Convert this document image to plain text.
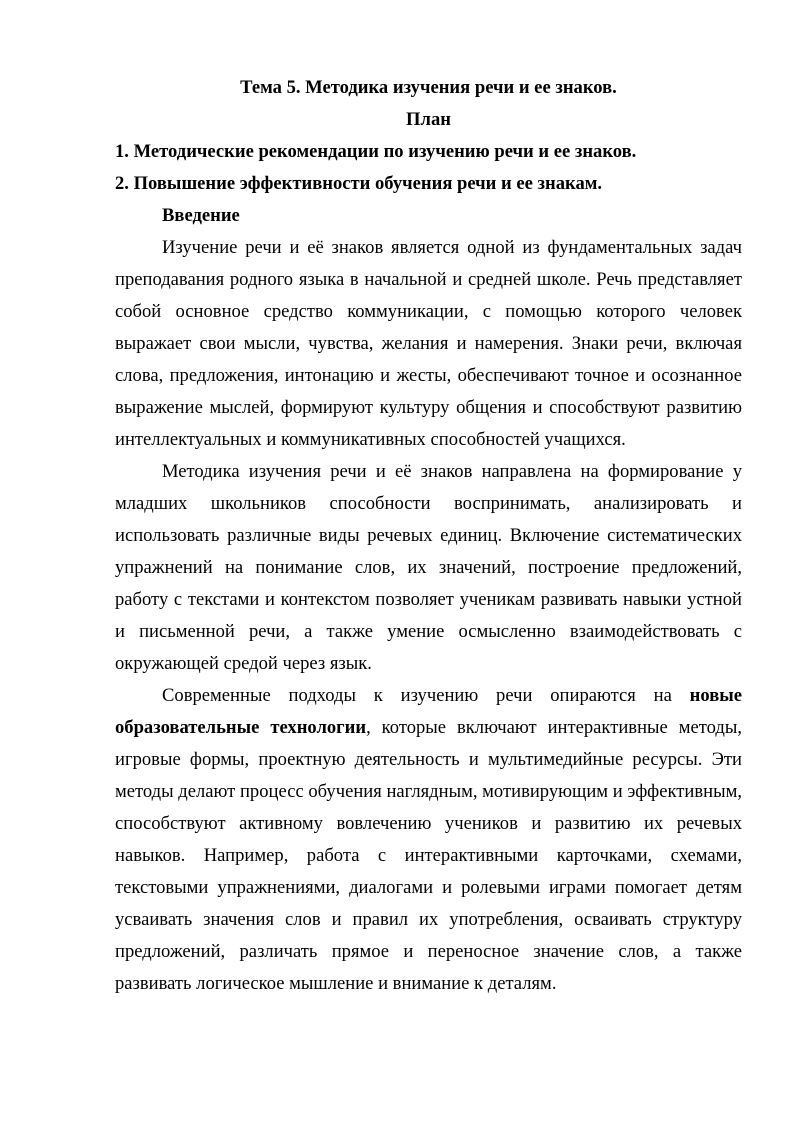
Тема 5. Методика изучения речи и ее знаков.

План

1. Методические рекомендации по изучению речи и ее знаков.

2. Повышение эффективности обучения речи и ее знакам.

Введение

Изучение речи и её знаков является одной из фундаментальных задач преподавания родного языка в начальной и средней школе. Речь представляет собой основное средство коммуникации, с помощью которого человек выражает свои мысли, чувства, желания и намерения. Знаки речи, включая слова, предложения, интонацию и жесты, обеспечивают точное и осознанное выражение мыслей, формируют культуру общения и способствуют развитию интеллектуальных и коммуникативных способностей учащихся.

Методика изучения речи и её знаков направлена на формирование у младших школьников способности воспринимать, анализировать и использовать различные виды речевых единиц. Включение систематических упражнений на понимание слов, их значений, построение предложений, работу с текстами и контекстом позволяет ученикам развивать навыки устной и письменной речи, а также умение осмысленно взаимодействовать с окружающей средой через язык.

Современные подходы к изучению речи опираются на новые образовательные технологии, которые включают интерактивные методы, игровые формы, проектную деятельность и мультимедийные ресурсы. Эти методы делают процесс обучения наглядным, мотивирующим и эффективным, способствуют активному вовлечению учеников и развитию их речевых навыков. Например, работа с интерактивными карточками, схемами, текстовыми упражнениями, диалогами и ролевыми играми помогает детям усваивать значения слов и правил их употребления, осваивать структуру предложений, различать прямое и переносное значение слов, а также развивать логическое мышление и внимание к деталям.
